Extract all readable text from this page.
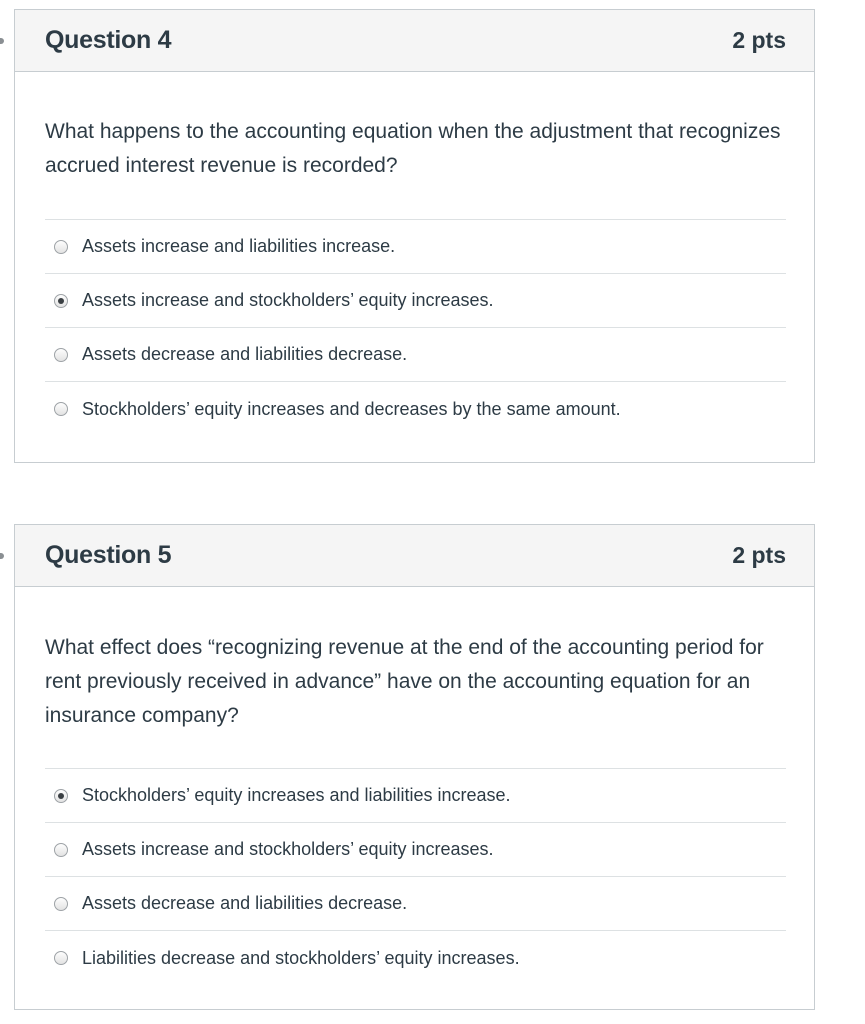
Question 4	2 pts

What happens to the accounting equation when the adjustment that recognizes accrued interest revenue is recorded?

Assets increase and liabilities increase.
Assets increase and stockholders’ equity increases.
Assets decrease and liabilities decrease.
Stockholders’ equity increases and decreases by the same amount.
Question 5	2 pts

What effect does “recognizing revenue at the end of the accounting period for rent previously received in advance” have on the accounting equation for an insurance company?

Stockholders’ equity increases and liabilities increase.
Assets increase and stockholders’ equity increases.
Assets decrease and liabilities decrease.
Liabilities decrease and stockholders’ equity increases.
